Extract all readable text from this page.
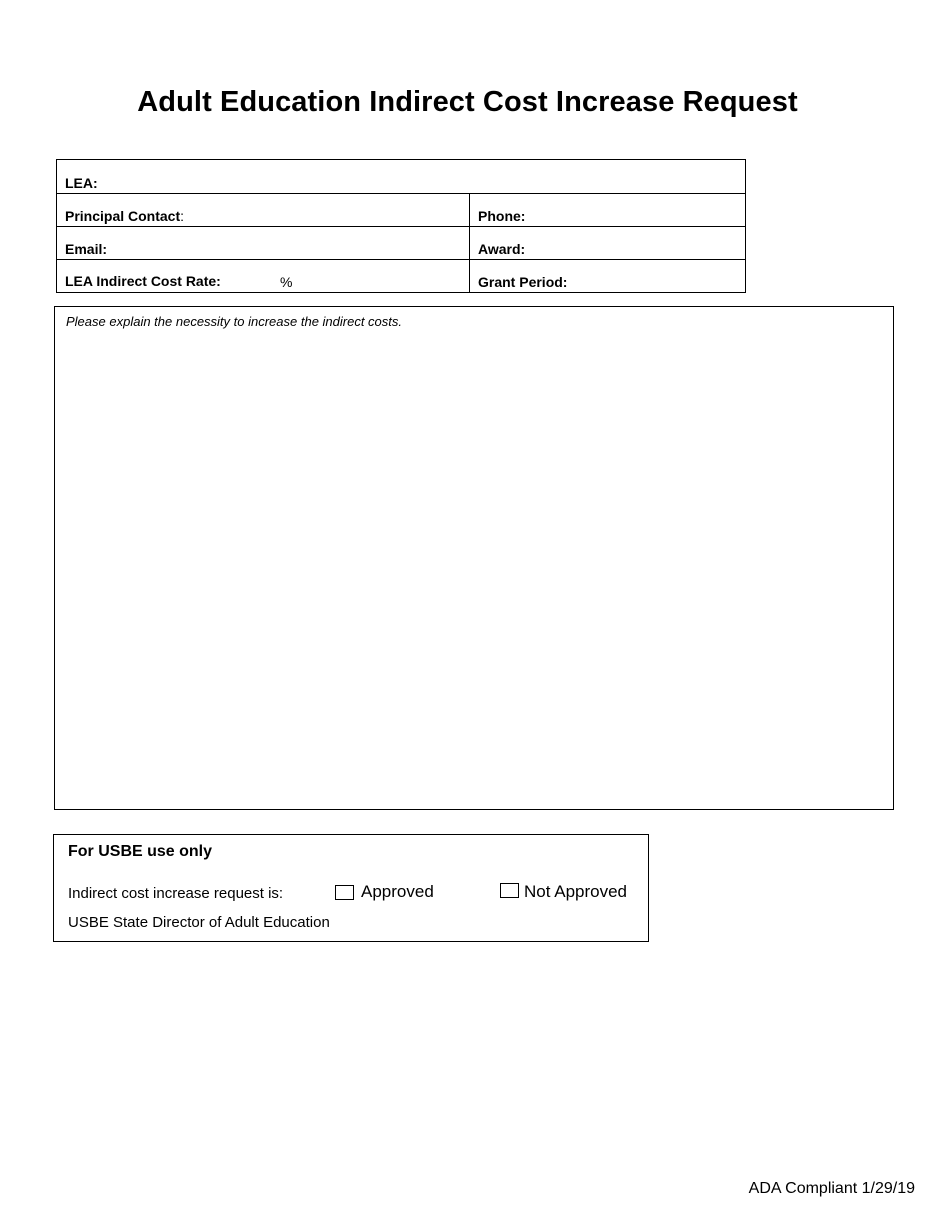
Adult Education Indirect Cost Increase Request
LEA:
Principal Contact:	Phone:
Email:	Award:
LEA Indirect Cost Rate:	%	Grant Period:
Please explain the necessity to increase the indirect costs.
For USBE use only
Indirect cost increase request is:	Approved	Not Approved
USBE State Director of Adult Education
ADA Compliant 1/29/19
